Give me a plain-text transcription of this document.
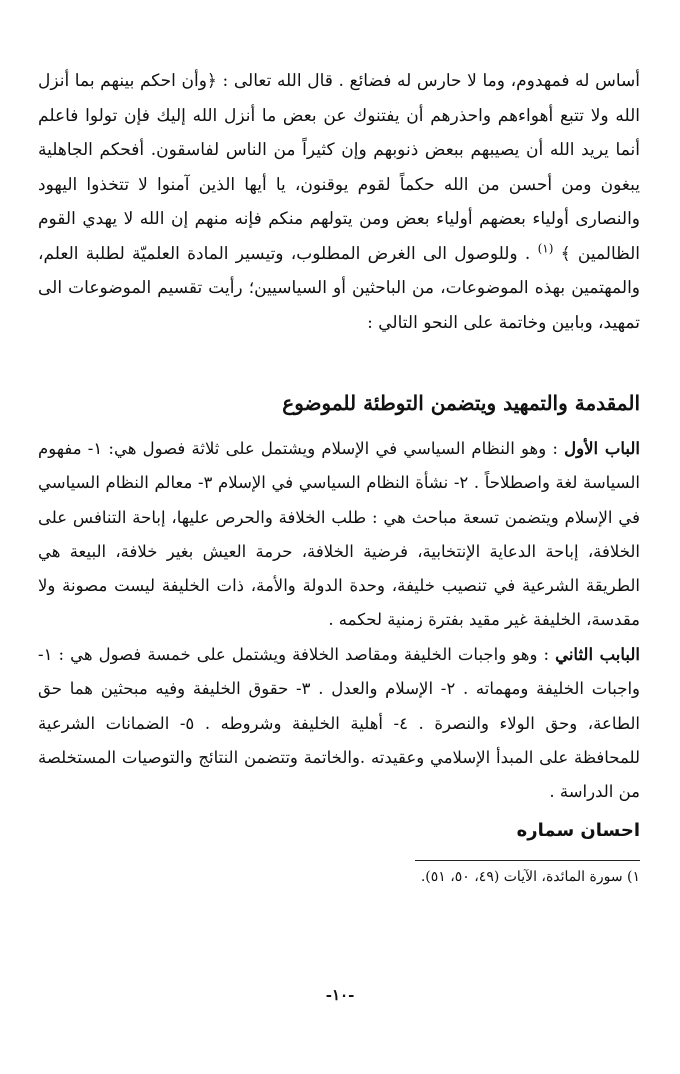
أساس له فمهدوم، وما لا حارس له فضائع . قال الله تعالى : ﴿وأن احكم بينهم بما أنزل الله ولا تتبع أهواءهم واحذرهم أن يفتنوك عن بعض ما أنزل الله إليك فإن تولوا فاعلم أنما يريد الله أن يصيبهم ببعض ذنوبهم وإن كثيراً من الناس لفاسقون. أفحكم الجاهلية يبغون ومن أحسن من الله حكماً لقوم يوقنون، يا أيها الذين آمنوا لا تتخذوا اليهود والنصارى أولياء بعضهم أولياء بعض ومن يتولهم منكم فإنه منهم إن الله لا يهدي القوم الظالمين ﴾ $^{(١)}$ . وللوصول الى الغرض المطلوب، وتيسير المادة العلميّة لطلبة العلم، والمهتمين بهذه الموضوعات، من الباحثين أو السياسيين؛ رأيت تقسيم الموضوعات الى تمهيد، وبابين وخاتمة على النحو التالي :

المقدمة والتمهيد ويتضمن التوطئة للموضوع

الباب الأول : وهو النظام السياسي في الإسلام ويشتمل على ثلاثة فصول هي: ١- مفهوم السياسة لغة واصطلاحاً . ٢- نشأة النظام السياسي في الإسلام ٣- معالم النظام السياسي في الإسلام ويتضمن تسعة مباحث هي : طلب الخلافة والحرص عليها، إباحة التنافس على الخلافة، إباحة الدعاية الإنتخابية، فرضية الخلافة، حرمة العيش بغير خلافة، البيعة هي الطريقة الشرعية في تنصيب خليفة، وحدة الدولة والأمة، ذات الخليفة ليست مصونة ولا مقدسة، الخليفة غير مقيد بفترة زمنية لحكمه .

البابب الثاني : وهو واجبات الخليفة ومقاصد الخلافة ويشتمل على خمسة فصول هي : ١- واجبات الخليفة ومهماته . ٢- الإسلام والعدل . ٣- حقوق الخليفة وفيه مبحثين هما حق الطاعة، وحق الولاء والنصرة . ٤- أهلية الخليفة وشروطه . ٥- الضمانات الشرعية للمحافظة على المبدأ الإسلامي وعقيدته .والخاتمة وتتضمن النتائج والتوصيات المستخلصة من الدراسة .

احسان سماره
١) سورة المائدة، الآيات (٤٩، ٥٠، ٥١).
-١٠-
